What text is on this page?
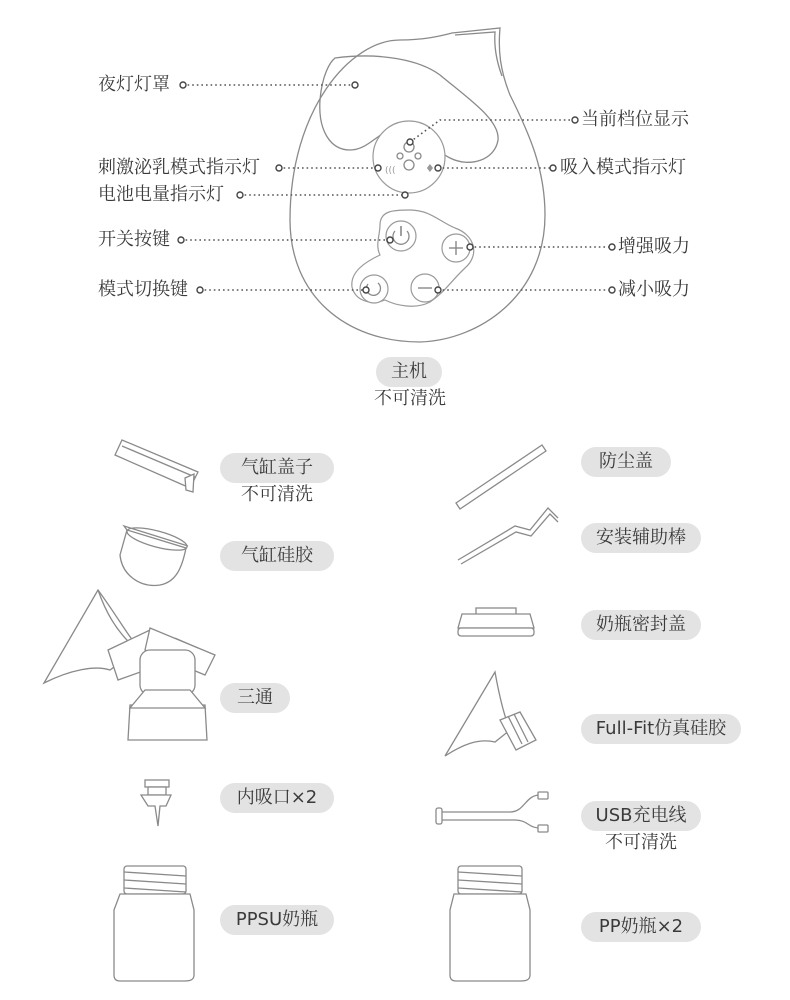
(((	♦
夜灯灯罩
当前档位显示
刺激泌乳模式指示灯	吸入模式指示灯
电池电量指示灯
开关按键	增强吸力
模式切换键	减小吸力
主机
不可清洗
气缸盖子
不可清洗
气缸硅胶
三通
内吸口×2
PPSU奶瓶
防尘盖
安装辅助棒
奶瓶密封盖
Full-Fit仿真硅胶
USB充电线
不可清洗
PP奶瓶×2
